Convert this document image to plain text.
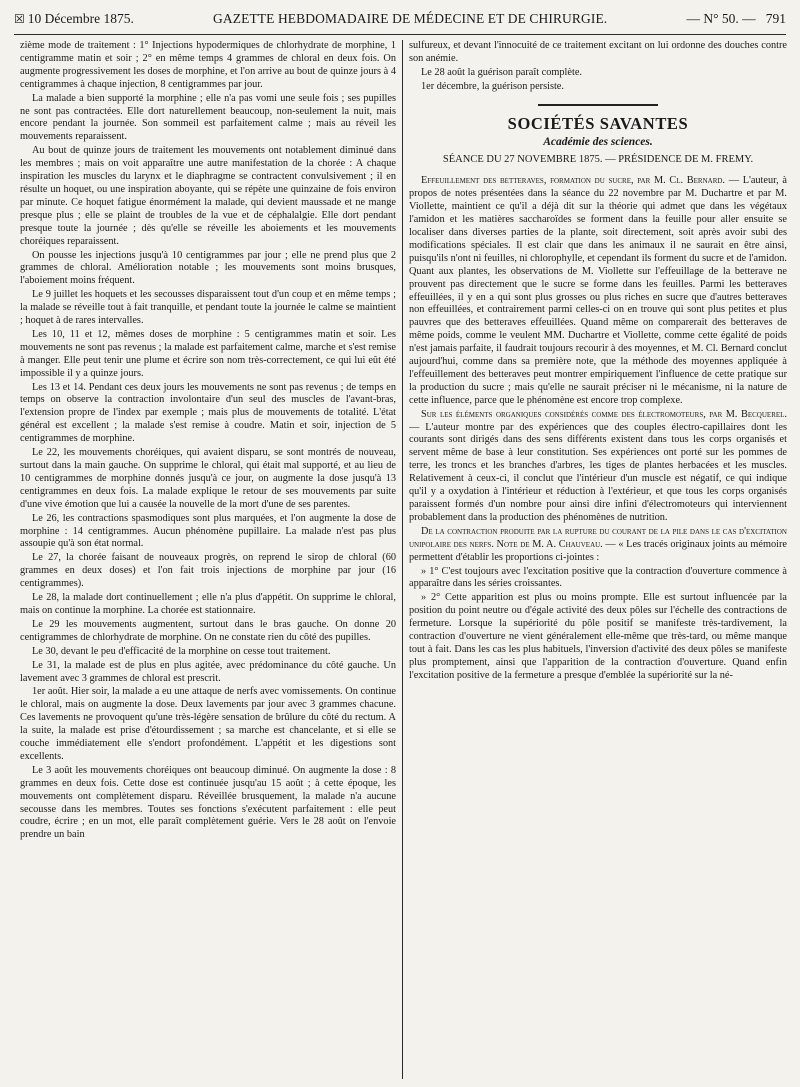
☒ 10 Décembre 1875.	GAZETTE HEBDOMADAIRE DE MÉDECINE ET DE CHIRURGIE.	— N° 50. — 791

zième mode de traitement : 1° Injections hypodermiques de chlorhydrate de morphine, 1 centigramme matin et soir ; 2° en même temps 4 grammes de chloral en deux fois. On augmente progressivement les doses de morphine, et l'on arrive au bout de quinze jours à 4 centigrammes à chaque injection, 8 centigrammes par jour.

La malade a bien supporté la morphine ; elle n'a pas vomi une seule fois ; ses pupilles ne sont pas contractées. Elle dort naturellement beaucoup, non-seulement la nuit, mais encore pendant la journée. Son sommeil est parfaitement calme ; mais au réveil les mouvements reparaissent.

Au bout de quinze jours de traitement les mouvements ont notablement diminué dans les membres ; mais on voit apparaître une autre manifestation de la chorée : A chaque inspiration les muscles du larynx et le diaphragme se contractent convulsivement ; il en résulte un hoquet, ou une inspiration aboyante, qui se répète une quinzaine de fois environ par minute. Ce hoquet fatigue énormément la malade, qui devient maussade et ne mange presque plus ; elle se plaint de troubles de la vue et de céphalalgie. Elle dort pendant presque toute la journée ; dès qu'elle se réveille les aboiements et les mouvements choréiques reparaissent.

On pousse les injections jusqu'à 10 centigrammes par jour ; elle ne prend plus que 2 grammes de chloral. Amélioration notable ; les mouvements sont moins brusques, l'aboiement moins fréquent.

Le 9 juillet les hoquets et les secousses disparaissent tout d'un coup et en même temps ; la malade se réveille tout à fait tranquille, et pendant toute la journée le calme se maintient ; hoquet à de rares intervalles.

Les 10, 11 et 12, mêmes doses de morphine : 5 centigrammes matin et soir. Les mouvements ne sont pas revenus ; la malade est parfaitement calme, marche et s'est remise à manger. Elle peut tenir une plume et écrire son nom très-correctement, ce qui lui eût été impossible il y a quinze jours.

Les 13 et 14. Pendant ces deux jours les mouvements ne sont pas revenus ; de temps en temps on observe la contraction involontaire d'un seul des muscles de l'avant-bras, l'extension propre de l'index par exemple ; mais plus de mouvements de totalité. L'état général est excellent ; la malade s'est remise à coudre. Matin et soir, injection de 5 centigrammes de morphine.

Le 22, les mouvements choréiques, qui avaient disparu, se sont montrés de nouveau, surtout dans la main gauche. On supprime le chloral, qui était mal supporté, et au lieu de 10 centigrammes de morphine donnés jusqu'à ce jour, on augmente la dose jusqu'à 13 centigrammes en deux fois. La malade explique le retour de ses mouvements par suite d'une vive émotion que lui a causée la nouvelle de la mort d'une de ses parentes.

Le 26, les contractions spasmodiques sont plus marquées, et l'on augmente la dose de morphine : 14 centigrammes. Aucun phénomène pupillaire. La malade n'est pas plus assoupie qu'à son état normal.

Le 27, la chorée faisant de nouveaux progrès, on reprend le sirop de chloral (60 grammes en deux doses) et l'on fait trois injections de morphine par jour (16 centigrammes).

Le 28, la malade dort continuellement ; elle n'a plus d'appétit. On supprime le chloral, mais on continue la morphine. La chorée est stationnaire.

Le 29 les mouvements augmentent, surtout dans le bras gauche. On donne 20 centigrammes de chlorhydrate de morphine. On ne constate rien du côté des pupilles.

Le 30, devant le peu d'efficacité de la morphine on cesse tout traitement.

Le 31, la malade est de plus en plus agitée, avec prédominance du côté gauche. Un lavement avec 3 grammes de chloral est prescrit.

1er août. Hier soir, la malade a eu une attaque de nerfs avec vomissements. On continue le chloral, mais on augmente la dose. Deux lavements par jour avec 3 grammes chacune. Ces lavements ne provoquent qu'une très-légère sensation de brûlure du côté du rectum. A la suite, la malade est prise d'étourdissement ; sa marche est chancelante, et si elle se couche immédiatement elle s'endort profondément. L'appétit et les digestions sont excellents.

Le 3 août les mouvements choréiques ont beaucoup diminué. On augmente la dose : 8 grammes en deux fois. Cette dose est continuée jusqu'au 15 août ; à cette époque, les mouvements ont complètement disparu. Réveillée brusquement, la malade n'a aucune secousse dans les membres. Toutes ses fonctions s'exécutent parfaitement : elle peut coudre, écrire ; en un mot, elle paraît complètement guérie. Vers le 28 août on l'envoie prendre un bain

sulfureux, et devant l'innocuité de ce traitement excitant on lui ordonne des douches contre son anémie.

Le 28 août la guérison paraît complète.

1er décembre, la guérison persiste.

SOCIÉTÉS SAVANTES
Académie des sciences.
SÉANCE DU 27 NOVEMBRE 1875. — PRÉSIDENCE DE M. FREMY.

Effeuillement des betteraves, formation du sucre, par M. Cl. Bernard. — L'auteur, à propos de notes présentées dans la séance du 22 novembre par M. Duchartre et par M. Viollette, maintient ce qu'il a déjà dit sur la théorie qui admet que dans les végétaux l'amidon et les matières saccharoïdes se forment dans la feuille pour aller ensuite se localiser dans diverses parties de la plante, soit directement, soit après avoir subi des modifications spéciales. Il est clair que dans les animaux il ne saurait en être ainsi, puisqu'ils n'ont ni feuilles, ni chlorophylle, et cependant ils forment du sucre et de l'amidon. Quant aux plantes, les observations de M. Viollette sur l'effeuillage de la betterave ne prouvent pas directement que le sucre se forme dans les feuilles. Parmi les betteraves effeuillées, il y en a qui sont plus grosses ou plus riches en sucre que d'autres betteraves non effeuillées, et contrairement parmi celles-ci on en trouve qui sont plus petites et plus pauvres que des betteraves effeuillées. Quand même on comparerait des betteraves de même poids, comme le veulent MM. Duchartre et Viollette, comme cette égalité de poids n'est jamais parfaite, il faudrait toujours recourir à des moyennes, et M. Cl. Bernard conclut aujourd'hui, comme dans sa première note, que la méthode des moyennes appliquée à l'effeuillement des betteraves peut montrer empiriquement l'influence de cette pratique sur la production du sucre ; mais qu'elle ne saurait préciser ni le mécanisme, ni la nature de cette influence, parce que le phénomène est encore trop complexe.

Sur les éléments organiques considérés comme des électromoteurs, par M. Becquerel. — L'auteur montre par des expériences que des couples électro-capillaires dont les courants sont dirigés dans des sens différents existent dans tous les corps organisés et servent même de base à leur constitution. Ses expériences ont porté sur les pommes de terre, les troncs et les branches d'arbres, les tiges de plantes herbacées et les muscles. Relativement à ceux-ci, il conclut que l'intérieur d'un muscle est négatif, ce qui indique qu'il y a oxydation à l'intérieur et réduction à l'extérieur, et que tous les corps organisés paraissent formés d'un nombre pour ainsi dire infini d'électromoteurs qui interviennent probablement dans la production des phénomènes de nutrition.

De la contraction produite par la rupture du courant de la pile dans le cas d'excitation unipolaire des nerfs. Note de M. A. Chauveau. — « Les tracés originaux joints au mémoire permettent d'établir les proportions ci-jointes :

» 1° C'est toujours avec l'excitation positive que la contraction d'ouverture commence à apparaître dans les séries croissantes.

» 2° Cette apparition est plus ou moins prompte. Elle est surtout influencée par la position du point neutre ou d'égale activité des deux pôles sur l'échelle des contractions de fermeture. Lorsque la supériorité du pôle positif se manifeste très-tardivement, la contraction d'ouverture ne vient généralement elle-même que très-tard, ou même manque tout à fait. Dans les cas les plus habituels, l'inversion d'activité des deux pôles se manifeste plus promptement, ainsi que l'apparition de la contraction d'ouverture. Quand enfin l'excitation positive de la fermeture a presque d'emblée la supériorité sur la né-
